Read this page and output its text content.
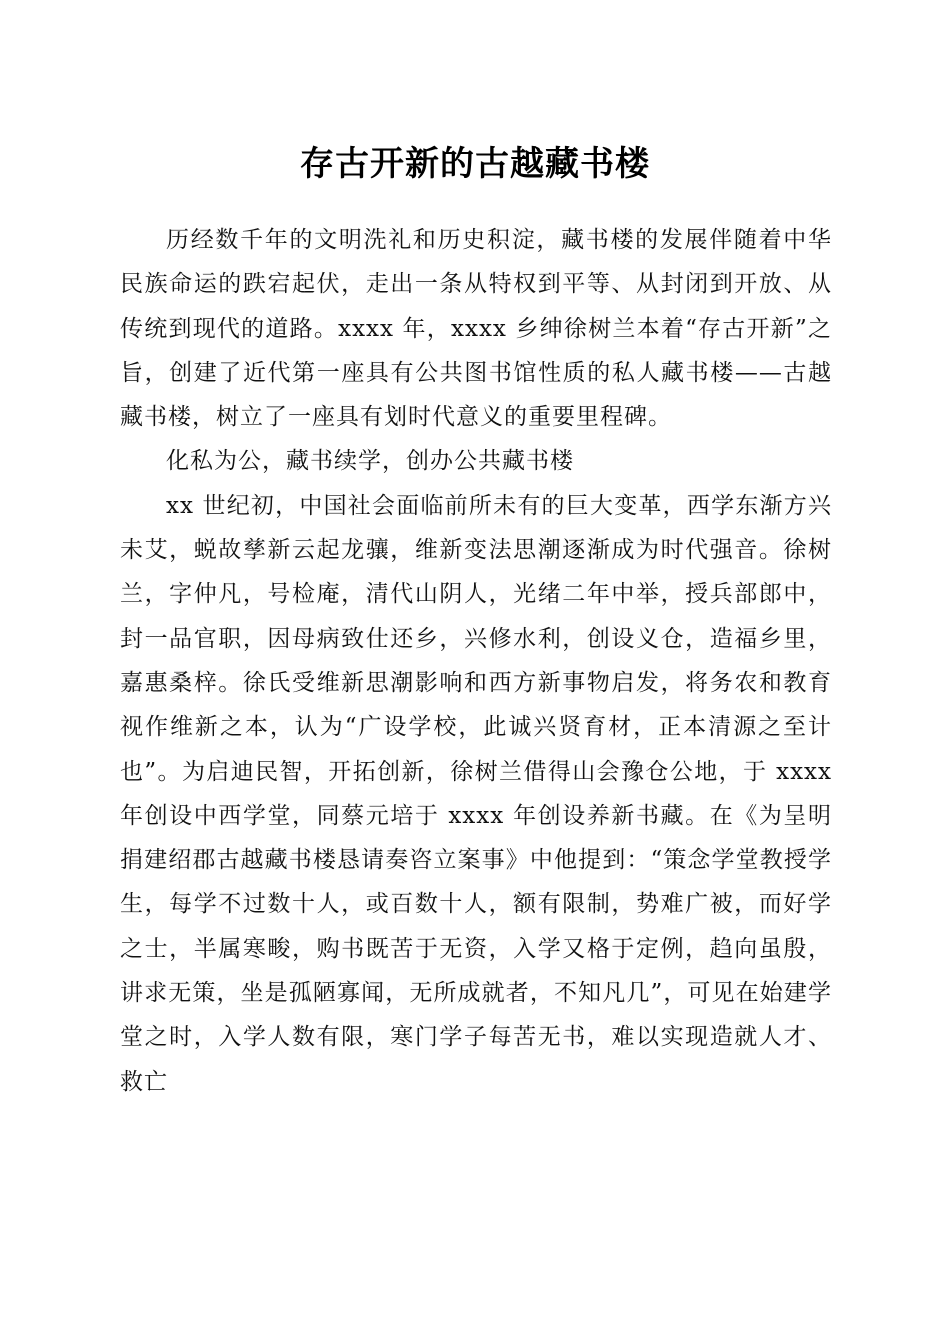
存古开新的古越藏书楼

历经数千年的文明洗礼和历史积淀，藏书楼的发展伴随着中华民族命运的跌宕起伏，走出一条从特权到平等、从封闭到开放、从传统到现代的道路。xxxx 年，xxxx 乡绅徐树兰本着“存古开新”之旨，创建了近代第一座具有公共图书馆性质的私人藏书楼——古越藏书楼，树立了一座具有划时代意义的重要里程碑。

化私为公，藏书续学，创办公共藏书楼

xx 世纪初，中国社会面临前所未有的巨大变革，西学东渐方兴未艾，蜕故孳新云起龙骧，维新变法思潮逐渐成为时代强音。徐树兰，字仲凡，号检庵，清代山阴人，光绪二年中举，授兵部郎中，封一品官职，因母病致仕还乡，兴修水利，创设义仓，造福乡里，嘉惠桑梓。徐氏受维新思潮影响和西方新事物启发，将务农和教育视作维新之本，认为“广设学校，此诚兴贤育材，正本清源之至计也”。为启迪民智，开拓创新，徐树兰借得山会豫仓公地，于 xxxx 年创设中西学堂，同蔡元培于 xxxx 年创设养新书藏。在《为呈明捐建绍郡古越藏书楼恳请奏咨立案事》中他提到：“策念学堂教授学生，每学不过数十人，或百数十人，额有限制，势难广被，而好学之士，半属寒畯，购书既苦于无资，入学又格于定例，趋向虽殷，讲求无策，坐是孤陋寡闻，无所成就者，不知凡几”，可见在始建学堂之时，入学人数有限，寒门学子每苦无书，难以实现造就人才、救亡
